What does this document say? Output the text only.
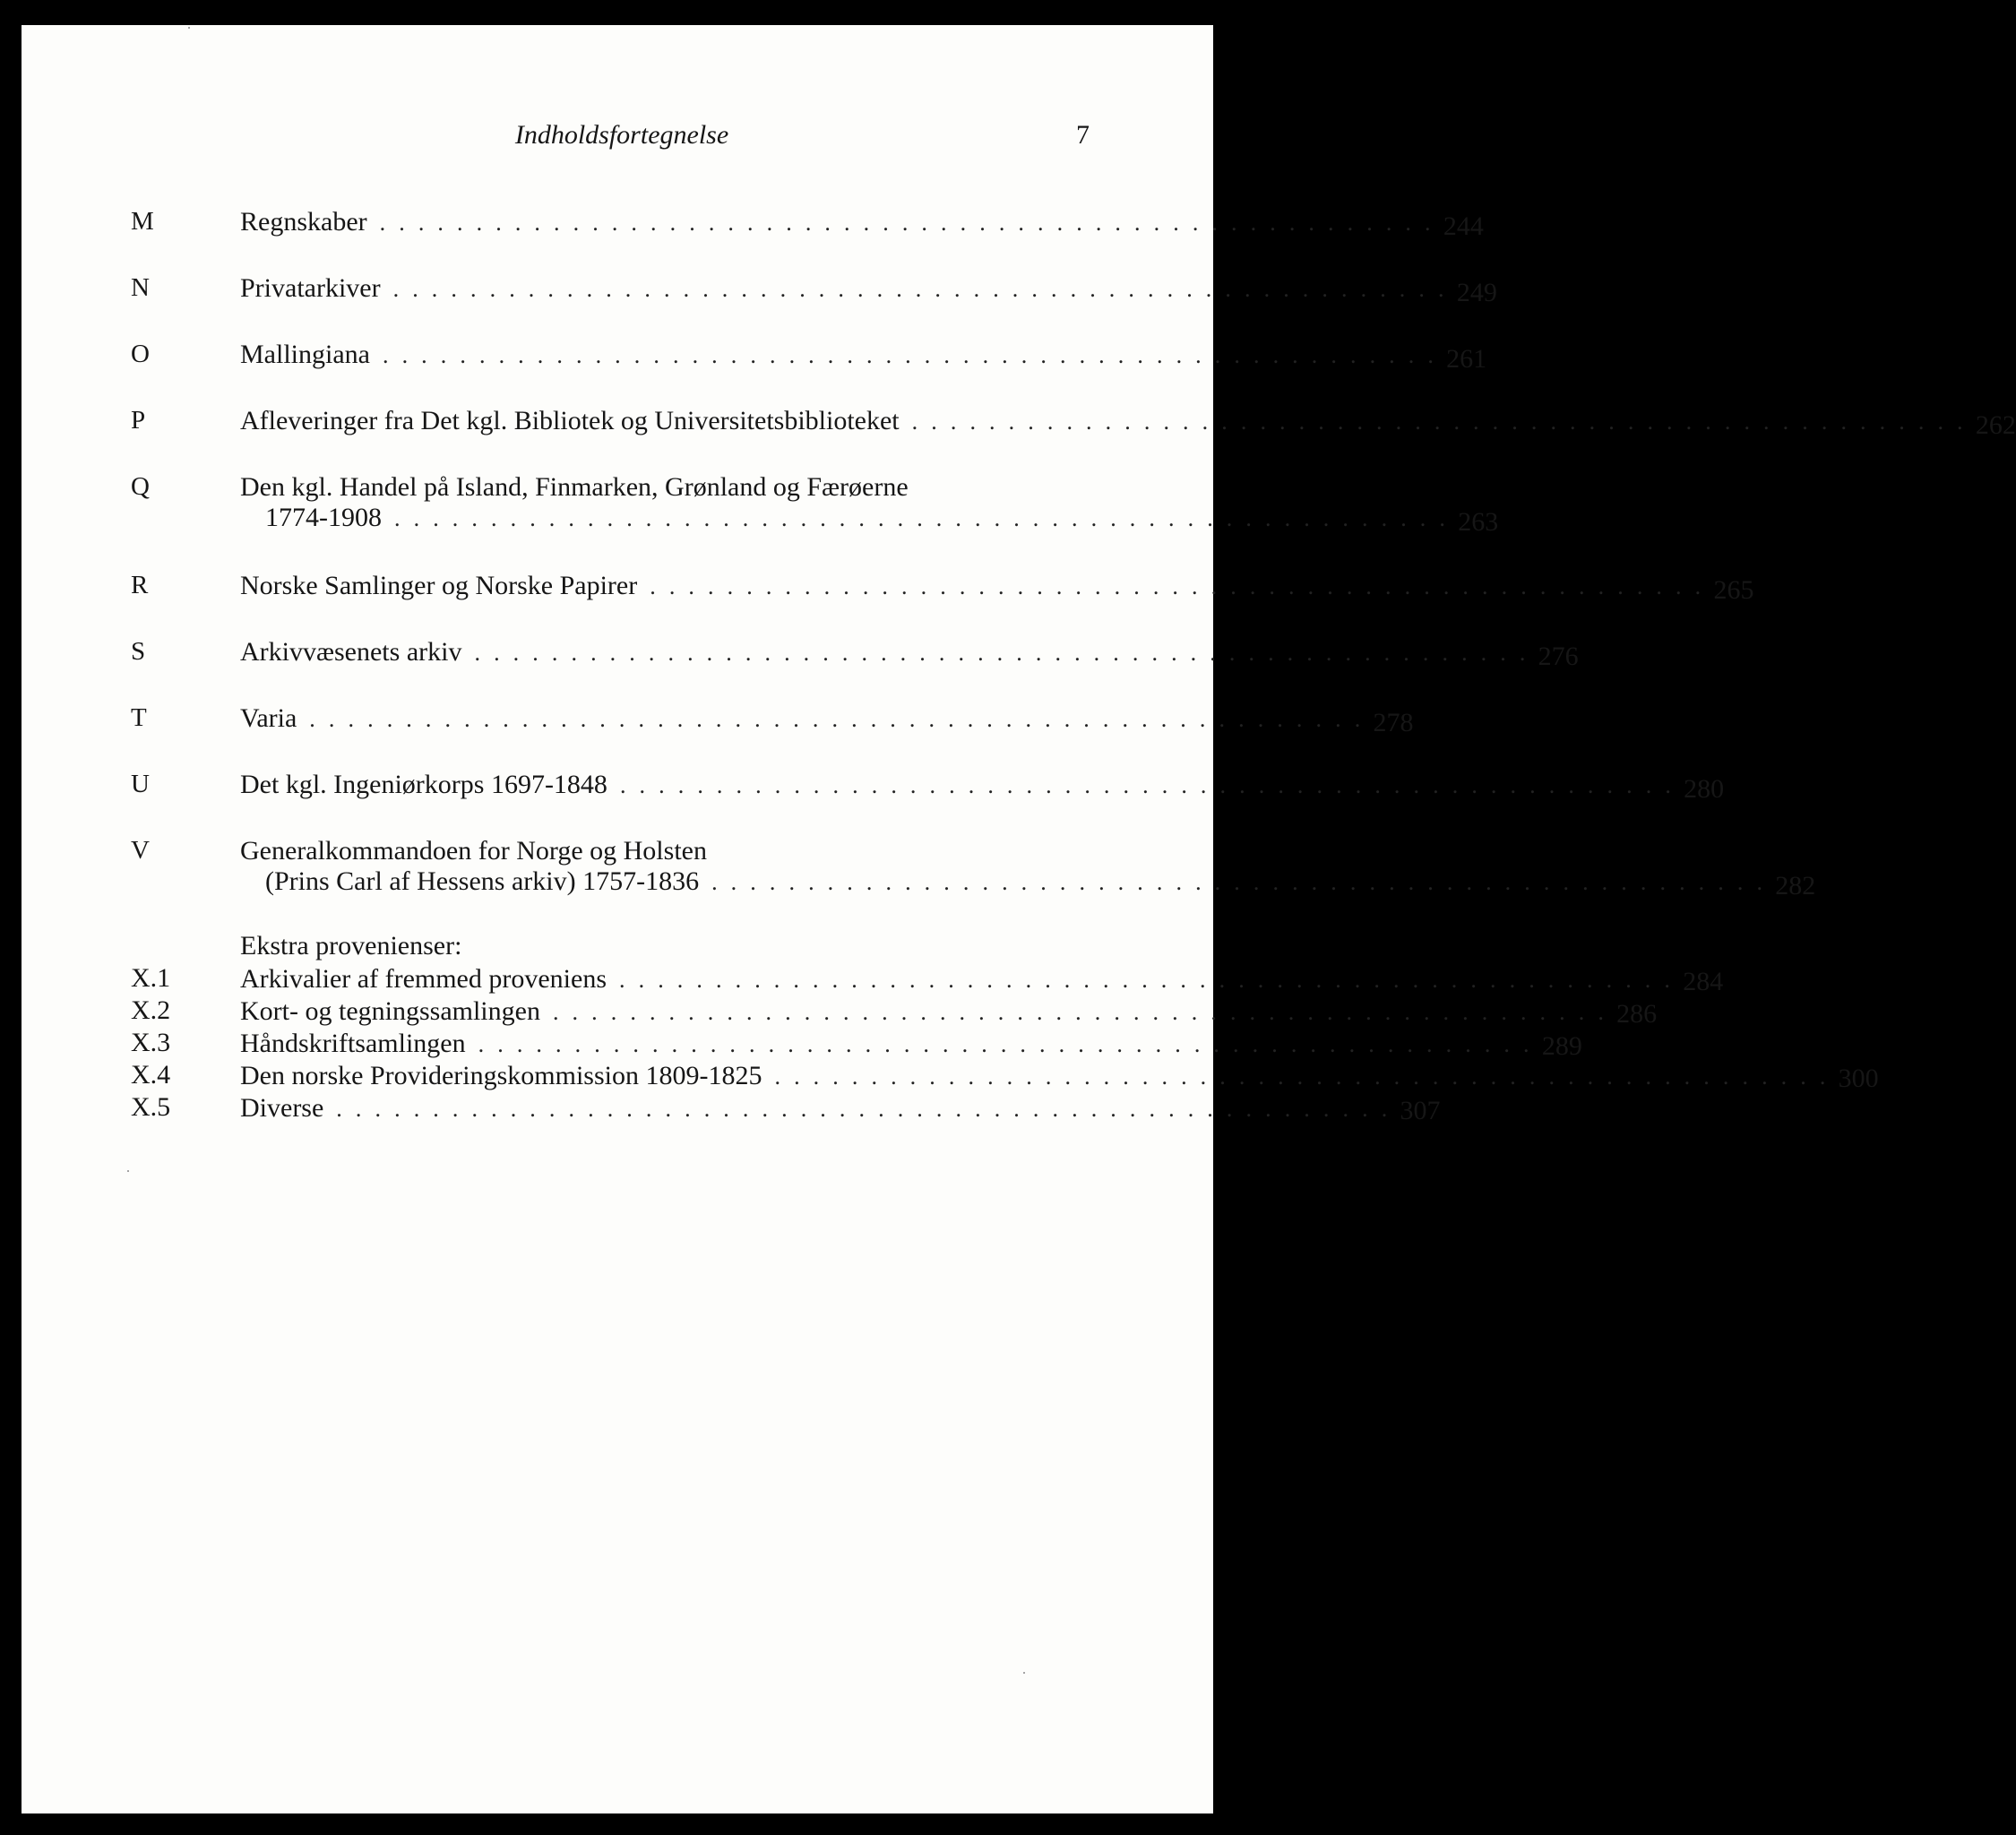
Indholdsfortegnelse	7
M	Regnskaber . . . . . . . . . . . . . . . . . . . . . . . . . . . . . . . . . . . . . . . . . . . . . . . . . . . . . . . 244
N	Privatarkiver . . . . . . . . . . . . . . . . . . . . . . . . . . . . . . . . . . . . . . . . . . . . . . . . . . . . . . . 249
O	Mallingiana . . . . . . . . . . . . . . . . . . . . . . . . . . . . . . . . . . . . . . . . . . . . . . . . . . . . . . . 261
P	Afleveringer fra Det kgl. Bibliotek og Universitetsbiblioteket . . . . . . . . . . . . . . . . . . . . . . . . . . . . . . . . . . . . . . . . . . . . . . . . . . . . . . . 262
Q	Den kgl. Handel på Island, Finmarken, Grønland og Færøerne
1774-1908 . . . . . . . . . . . . . . . . . . . . . . . . . . . . . . . . . . . . . . . . . . . . . . . . . . . . . . . 263
R	Norske Samlinger og Norske Papirer . . . . . . . . . . . . . . . . . . . . . . . . . . . . . . . . . . . . . . . . . . . . . . . . . . . . . . . 265
S	Arkivvæsenets arkiv . . . . . . . . . . . . . . . . . . . . . . . . . . . . . . . . . . . . . . . . . . . . . . . . . . . . . . . 276
T	Varia . . . . . . . . . . . . . . . . . . . . . . . . . . . . . . . . . . . . . . . . . . . . . . . . . . . . . . . 278
U	Det kgl. Ingeniørkorps 1697-1848 . . . . . . . . . . . . . . . . . . . . . . . . . . . . . . . . . . . . . . . . . . . . . . . . . . . . . . . 280
V	Generalkommandoen for Norge og Holsten
(Prins Carl af Hessens arkiv) 1757-1836 . . . . . . . . . . . . . . . . . . . . . . . . . . . . . . . . . . . . . . . . . . . . . . . . . . . . . . . 282
Ekstra provenienser:
X.1	Arkivalier af fremmed proveniens . . . . . . . . . . . . . . . . . . . . . . . . . . . . . . . . . . . . . . . . . . . . . . . . . . . . . . . 284
X.2	Kort- og tegningssamlingen . . . . . . . . . . . . . . . . . . . . . . . . . . . . . . . . . . . . . . . . . . . . . . . . . . . . . . . 286
X.3	Håndskriftsamlingen . . . . . . . . . . . . . . . . . . . . . . . . . . . . . . . . . . . . . . . . . . . . . . . . . . . . . . . 289
X.4	Den norske Provideringskommission 1809-1825 . . . . . . . . . . . . . . . . . . . . . . . . . . . . . . . . . . . . . . . . . . . . . . . . . . . . . . . 300
X.5	Diverse . . . . . . . . . . . . . . . . . . . . . . . . . . . . . . . . . . . . . . . . . . . . . . . . . . . . . . . 307
